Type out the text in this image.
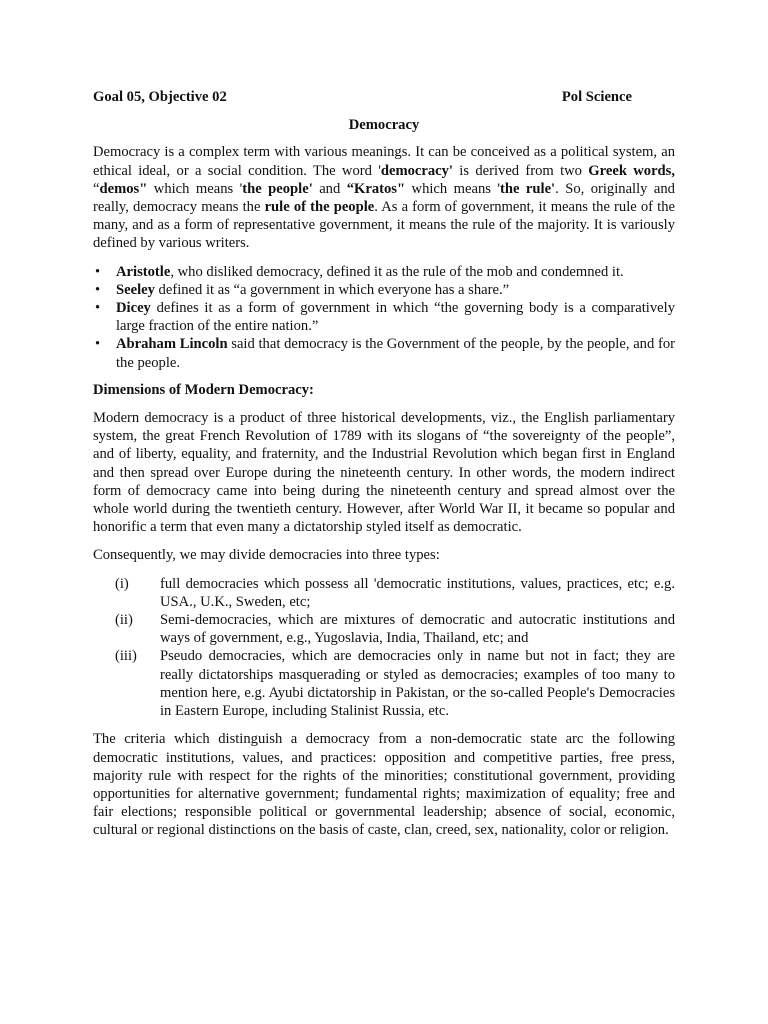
Goal 05, Objective 02	Pol Science
Democracy

Democracy is a complex term with various meanings. It can be conceived as a political system, an ethical ideal, or a social condition. The word 'democracy' is derived from two Greek words, “demos" which means 'the people' and “Kratos" which means 'the rule'. So, originally and really, democracy means the rule of the people. As a form of government, it means the rule of the many, and as a form of representative government, it means the rule of the majority. It is variously defined by various writers.

• Aristotle, who disliked democracy, defined it as the rule of the mob and condemned it.
• Seeley defined it as “a government in which everyone has a share.”
• Dicey defines it as a form of government in which “the governing body is a comparatively large fraction of the entire nation.”
• Abraham Lincoln said that democracy is the Government of the people, by the people, and for the people.
Dimensions of Modern Democracy:

Modern democracy is a product of three historical developments, viz., the English parliamentary system, the great French Revolution of 1789 with its slogans of “the sovereignty of the people”, and of liberty, equality, and fraternity, and the Industrial Revolution which began first in England and then spread over Europe during the nineteenth century. In other words, the modern indirect form of democracy came into being during the nineteenth century and spread almost over the whole world during the twentieth century. However, after World War II, it became so popular and honorific a term that even many a dictatorship styled itself as democratic.

Consequently, we may divide democracies into three types:

(i) full democracies which possess all 'democratic institutions, values, practices, etc; e.g. USA., U.K., Sweden, etc;
(ii) Semi-democracies, which are mixtures of democratic and autocratic institutions and ways of government, e.g., Yugoslavia, India, Thailand, etc; and
(iii) Pseudo democracies, which are democracies only in name but not in fact; they are really dictatorships masquerading or styled as democracies; examples of too many to mention here, e.g. Ayubi dictatorship in Pakistan, or the so-called People's Democracies in Eastern Europe, including Stalinist Russia, etc.

The criteria which distinguish a democracy from a non-democratic state arc the following democratic institutions, values, and practices: opposition and competitive parties, free press, majority rule with respect for the rights of the minorities; constitutional government, providing opportunities for alternative government; fundamental rights; maximization of equality; free and fair elections; responsible political or governmental leadership; absence of social, economic, cultural or regional distinctions on the basis of caste, clan, creed, sex, nationality, color or religion.
